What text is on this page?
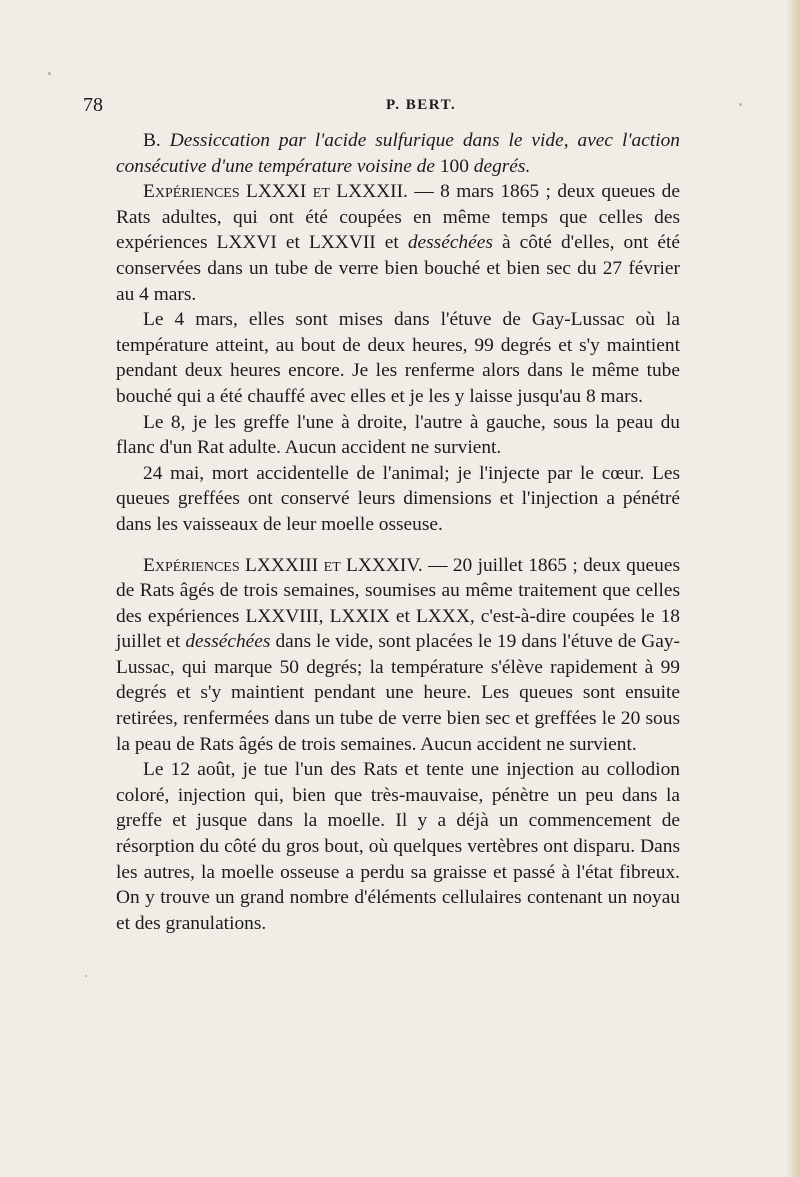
78	P. BERT.

B. Dessiccation par l'acide sulfurique dans le vide, avec l'action consécutive d'une température voisine de 100 degrés.

Expériences LXXXI et LXXXII. — 8 mars 1865 ; deux queues de Rats adultes, qui ont été coupées en même temps que celles des expériences LXXVI et LXXVII et desséchées à côté d'elles, ont été conservées dans un tube de verre bien bouché et bien sec du 27 février au 4 mars.

Le 4 mars, elles sont mises dans l'étuve de Gay-Lussac où la température atteint, au bout de deux heures, 99 degrés et s'y maintient pendant deux heures encore. Je les renferme alors dans le même tube bouché qui a été chauffé avec elles et je les y laisse jusqu'au 8 mars.

Le 8, je les greffe l'une à droite, l'autre à gauche, sous la peau du flanc d'un Rat adulte. Aucun accident ne survient.

24 mai, mort accidentelle de l'animal; je l'injecte par le cœur. Les queues greffées ont conservé leurs dimensions et l'injection a pénétré dans les vaisseaux de leur moelle osseuse.

Expériences LXXXIII et LXXXIV. — 20 juillet 1865 ; deux queues de Rats âgés de trois semaines, soumises au même traitement que celles des expériences LXXVIII, LXXIX et LXXX, c'est-à-dire coupées le 18 juillet et desséchées dans le vide, sont placées le 19 dans l'étuve de Gay-Lussac, qui marque 50 degrés; la température s'élève rapidement à 99 degrés et s'y maintient pendant une heure. Les queues sont ensuite retirées, renfermées dans un tube de verre bien sec et greffées le 20 sous la peau de Rats âgés de trois semaines. Aucun accident ne survient.

Le 12 août, je tue l'un des Rats et tente une injection au collodion coloré, injection qui, bien que très-mauvaise, pénètre un peu dans la greffe et jusque dans la moelle. Il y a déjà un commencement de résorption du côté du gros bout, où quelques vertèbres ont disparu. Dans les autres, la moelle osseuse a perdu sa graisse et passé à l'état fibreux. On y trouve un grand nombre d'éléments cellulaires contenant un noyau et des granulations.
